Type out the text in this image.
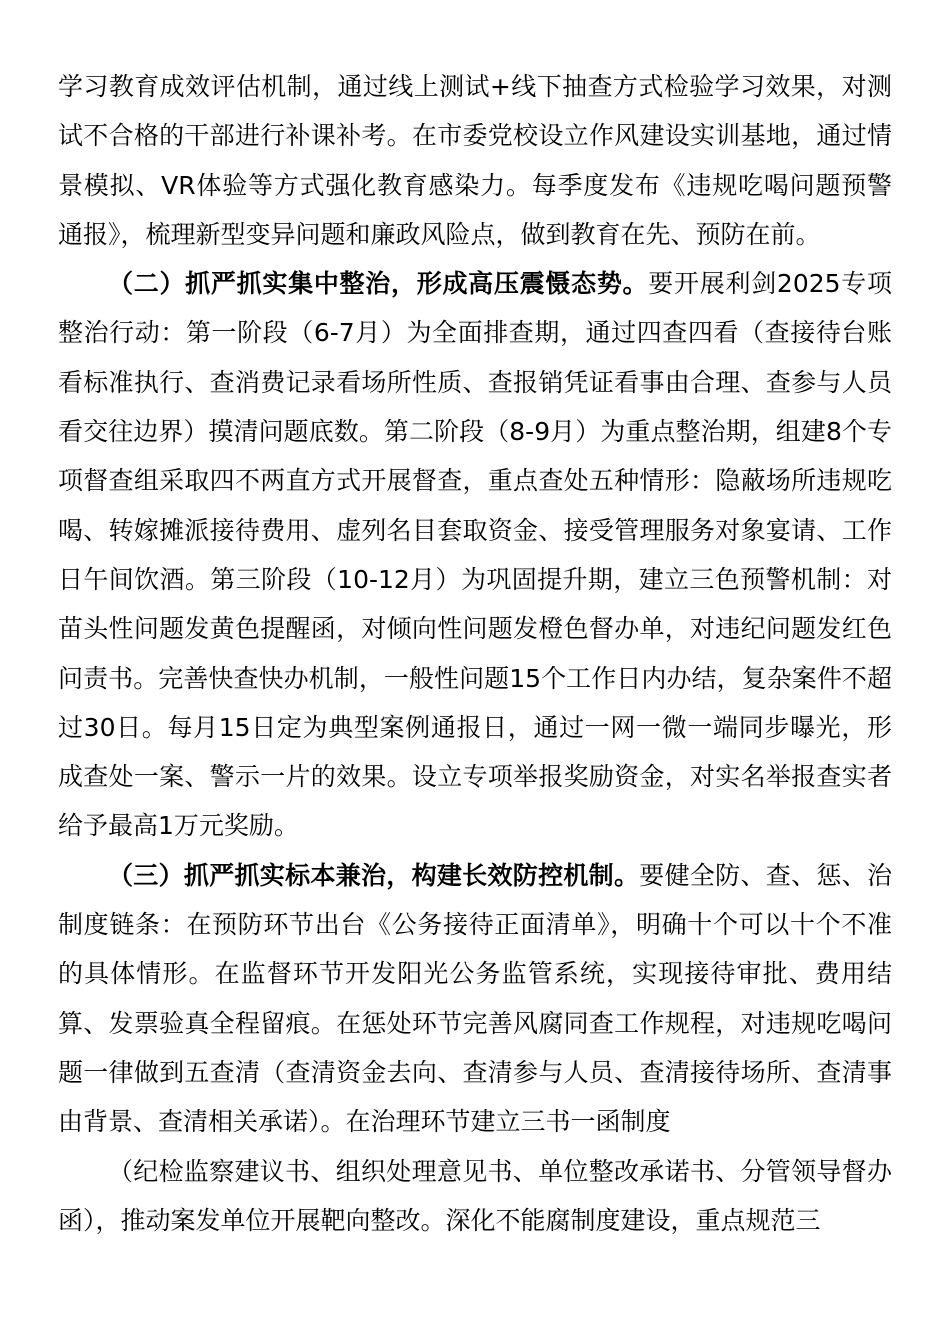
学习教育成效评估机制，通过线上测试+线下抽查方式检验学习效果，对测试不合格的干部进行补课补考。在市委党校设立作风建设实训基地，通过情景模拟、VR体验等方式强化教育感染力。每季度发布《违规吃喝问题预警通报》，梳理新型变异问题和廉政风险点，做到教育在先、预防在前。

（二）抓严抓实集中整治，形成高压震慑态势。要开展利剑2025专项整治行动：第一阶段（6-7月）为全面排查期，通过四查四看（查接待台账看标准执行、查消费记录看场所性质、查报销凭证看事由合理、查参与人员看交往边界）摸清问题底数。第二阶段（8-9月）为重点整治期，组建8个专项督查组采取四不两直方式开展督查，重点查处五种情形：隐蔽场所违规吃喝、转嫁摊派接待费用、虚列名目套取资金、接受管理服务对象宴请、工作日午间饮酒。第三阶段（10-12月）为巩固提升期，建立三色预警机制：对苗头性问题发黄色提醒函，对倾向性问题发橙色督办单，对违纪问题发红色问责书。完善快查快办机制，一般性问题15个工作日内办结，复杂案件不超过30日。每月15日定为典型案例通报日，通过一网一微一端同步曝光，形成查处一案、警示一片的效果。设立专项举报奖励资金，对实名举报查实者给予最高1万元奖励。

（三）抓严抓实标本兼治，构建长效防控机制。要健全防、查、惩、治制度链条：在预防环节出台《公务接待正面清单》，明确十个可以十个不准的具体情形。在监督环节开发阳光公务监管系统，实现接待审批、费用结算、发票验真全程留痕。在惩处环节完善风腐同查工作规程，对违规吃喝问题一律做到五查清（查清资金去向、查清参与人员、查清接待场所、查清事由背景、查清相关承诺）。在治理环节建立三书一函制度

（纪检监察建议书、组织处理意见书、单位整改承诺书、分管领导督办函），推动案发单位开展靶向整改。深化不能腐制度建设，重点规范三
